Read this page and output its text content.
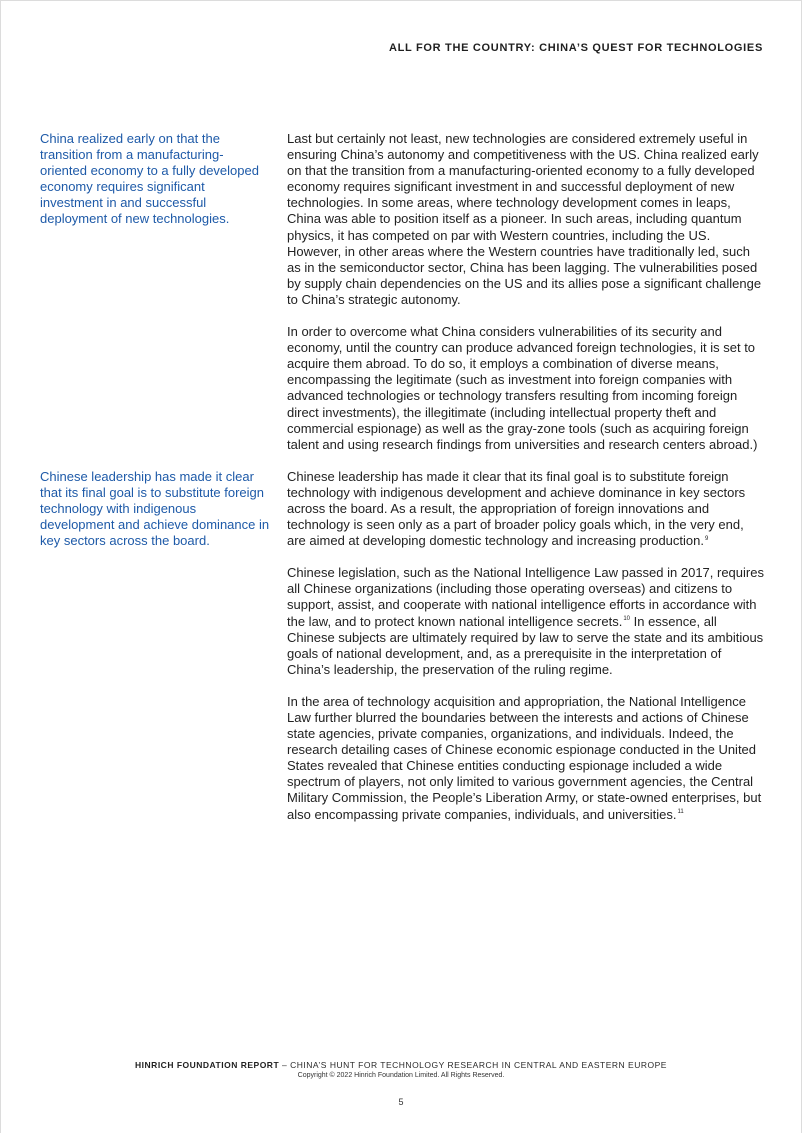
ALL FOR THE COUNTRY: CHINA’S QUEST FOR TECHNOLOGIES

China realized early on that the transition from a manufacturing-oriented economy to a fully developed economy requires significant investment in and successful deployment of new technologies.

Chinese leadership has made it clear that its final goal is to substitute foreign technology with indigenous development and achieve dominance in key sectors across the board.

Last but certainly not least, new technologies are considered extremely useful in ensuring China’s autonomy and competitiveness with the US. China realized early on that the transition from a manufacturing-oriented economy to a fully developed economy requires significant investment in and successful deployment of new technologies. In some areas, where technology development comes in leaps, China was able to position itself as a pioneer. In such areas, including quantum physics, it has competed on par with Western countries, including the US. However, in other areas where the Western countries have traditionally led, such as in the semiconductor sector, China has been lagging. The vulnerabilities posed by supply chain dependencies on the US and its allies pose a significant challenge to China’s strategic autonomy.

In order to overcome what China considers vulnerabilities of its security and economy, until the country can produce advanced foreign technologies, it is set to acquire them abroad. To do so, it employs a combination of diverse means, encompassing the legitimate (such as investment into foreign companies with advanced technologies or technology transfers resulting from incoming foreign direct investments), the illegitimate (including intellectual property theft and commercial espionage) as well as the gray-zone tools (such as acquiring foreign talent and using research findings from universities and research centers abroad.)

Chinese leadership has made it clear that its final goal is to substitute foreign technology with indigenous development and achieve dominance in key sectors across the board. As a result, the appropriation of foreign innovations and technology is seen only as a part of broader policy goals which, in the very end, are aimed at developing domestic technology and increasing production.$^9$

Chinese legislation, such as the National Intelligence Law passed in 2017, requires all Chinese organizations (including those operating overseas) and citizens to support, assist, and cooperate with national intelligence efforts in accordance with the law, and to protect known national intelligence secrets.$^{10}$ In essence, all Chinese subjects are ultimately required by law to serve the state and its ambitious goals of national development, and, as a prerequisite in the interpretation of China’s leadership, the preservation of the ruling regime.

In the area of technology acquisition and appropriation, the National Intelligence Law further blurred the boundaries between the interests and actions of Chinese state agencies, private companies, organizations, and individuals. Indeed, the research detailing cases of Chinese economic espionage conducted in the United States revealed that Chinese entities conducting espionage included a wide spectrum of players, not only limited to various government agencies, the Central Military Commission, the People’s Liberation Army, or state-owned enterprises, but also encompassing private companies, individuals, and universities.$^{11}$

HINRICH FOUNDATION REPORT – CHINA’S HUNT FOR TECHNOLOGY RESEARCH IN CENTRAL AND EASTERN EUROPE
Copyright © 2022 Hinrich Foundation Limited. All Rights Reserved.
5
